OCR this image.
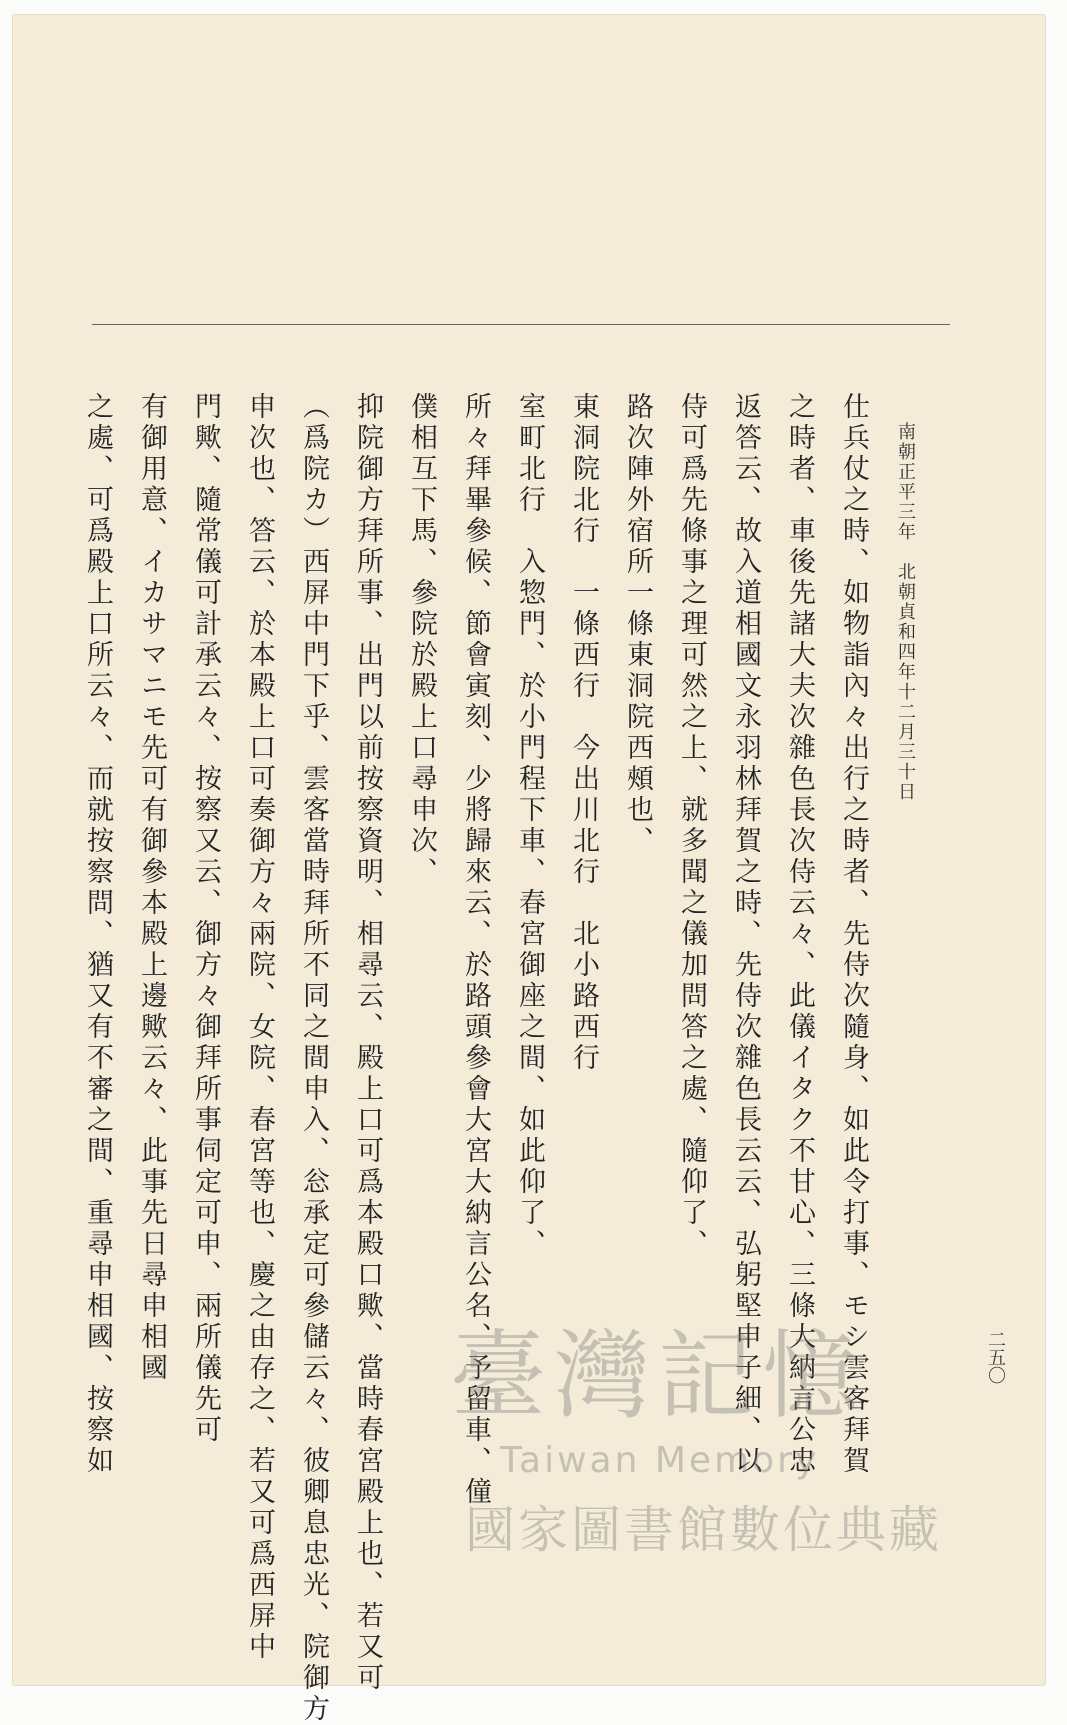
南朝正平三年　北朝貞和四年十二月三十日
二五〇
仕兵仗之時、如物詣內々出行之時者、先侍次隨身、如此令打事、モシ雲客拜賀
之時者、車後先諸大夫次雜色長次侍云々、此儀イタク不甘心、三條大納言公忠
返答云、故入道相國文永羽林拜賀之時、先侍次雜色長云云、弘躬堅申子細、以
侍可爲先條事之理可然之上、就多聞之儀加問答之處、隨仰了、
路次陣外宿所一條東洞院西頰也、
東洞院北行　一條西行　今出川北行　北小路西行
室町北行　入惣門、於小門程下車、春宮御座之間、如此仰了、
所々拜畢參候、節會寅刻、少將歸來云、於路頭參會大宮大納言公名、予留車、僮
僕相互下馬、參院於殿上口尋申次、
抑院御方拜所事、出門以前按察資明、相尋云、殿上口可爲本殿口歟、當時春宮殿上也、若又可
（爲院カ）西屏中門下乎、雲客當時拜所不同之間申入、忩承定可參儲云々、彼卿息忠光、院御方
申次也、答云、於本殿上口可奏御方々兩院、女院、春宮等也、慶之由存之、若又可爲西屏中
門歟、隨常儀可計承云々、按察又云、御方々御拜所事伺定可申、兩所儀先可
有御用意、イカサマニモ先可有御參本殿上邊歟云々、此事先日尋申相國
之處、可爲殿上口所云々、而就按察問、猶又有不審之間、重尋申相國、按察如	臺灣記憶
Taiwan Memory
國家圖書館數位典藏
